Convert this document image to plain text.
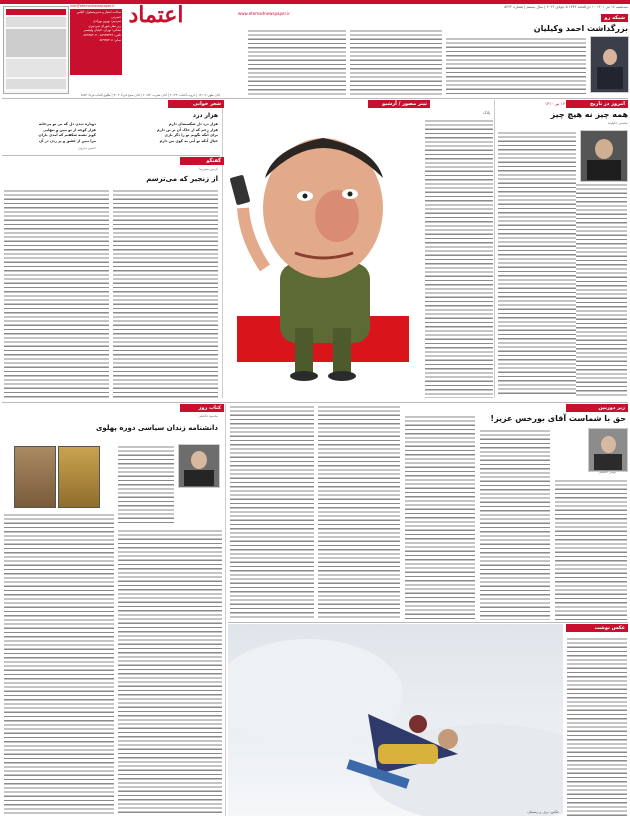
سه‌شنبه ۱۷ تیر ۱۴۰۱ ۱۰ ذی‌الحجه ۱۴۴۳ ۵ جولای ۲۰۲۲ | سال بیستم | شماره ۵۲۴۲
اعتماد	www.etemadnewspaper.ir
info@etemadnewspaper.ir
صاحب امتیاز و مدیرمسئول: الیاس حضرتی
سردبیر: بهروز بهزادی
زیر نظر شورای سردبیری
نشانی: تهران، خیابان ولیعصر
تلفن: ۸۸۹۳۵۳۳۶ - ۸۸۹۳۵۳۰۷
نمابر: ۸۸۹۳۵۳۰۸
اذان ظهر: ۱۳:۰۷ | غروب آفتاب: ۲۰:۳۴ | اذان مغرب: ۲۰:۵۴ | اذان صبح فردا: ۴:۰۴ | طلوع آفتاب فردا: ۵:۵۳
شبکه‌ رو
بزرگداشت احمد وکیلیان
امروز در تاریخ
۱۷ تیر ۱۳۱۰
همه چیز نه هیچ چیز
محسن جلیلوند
تیتر مصور / آرشیو
پلاک
شعر خوانی
هزار درد
هزار درد دل شکسته‌ای دارم
هزار زخم که از خاک آن بر تن دارم
برای آنکه نگویم تو را دگر باری
خیال آنکه تو آیی به کوی من دارم
دوباره دیدن دل که بی تو بی‌خانه
هزار کوچه از تو ببین و تنهایی
کویر تشنه شکفتم که آمدی باران
مرا ببین از عشق و پر زدن در آن
حسین منزوی
گفتگو
نازنین متین‌نیا
از زنجیر که می‌ترسم
زیر دوربین
حق با شماست آقای بورخس عزیز!
بهمن حافظی
کتاب روز
محمود فاضلی
دانشنامه زندان سیاسی دوره پهلوی
عکس نوشت
عکس: برف و زمستان
